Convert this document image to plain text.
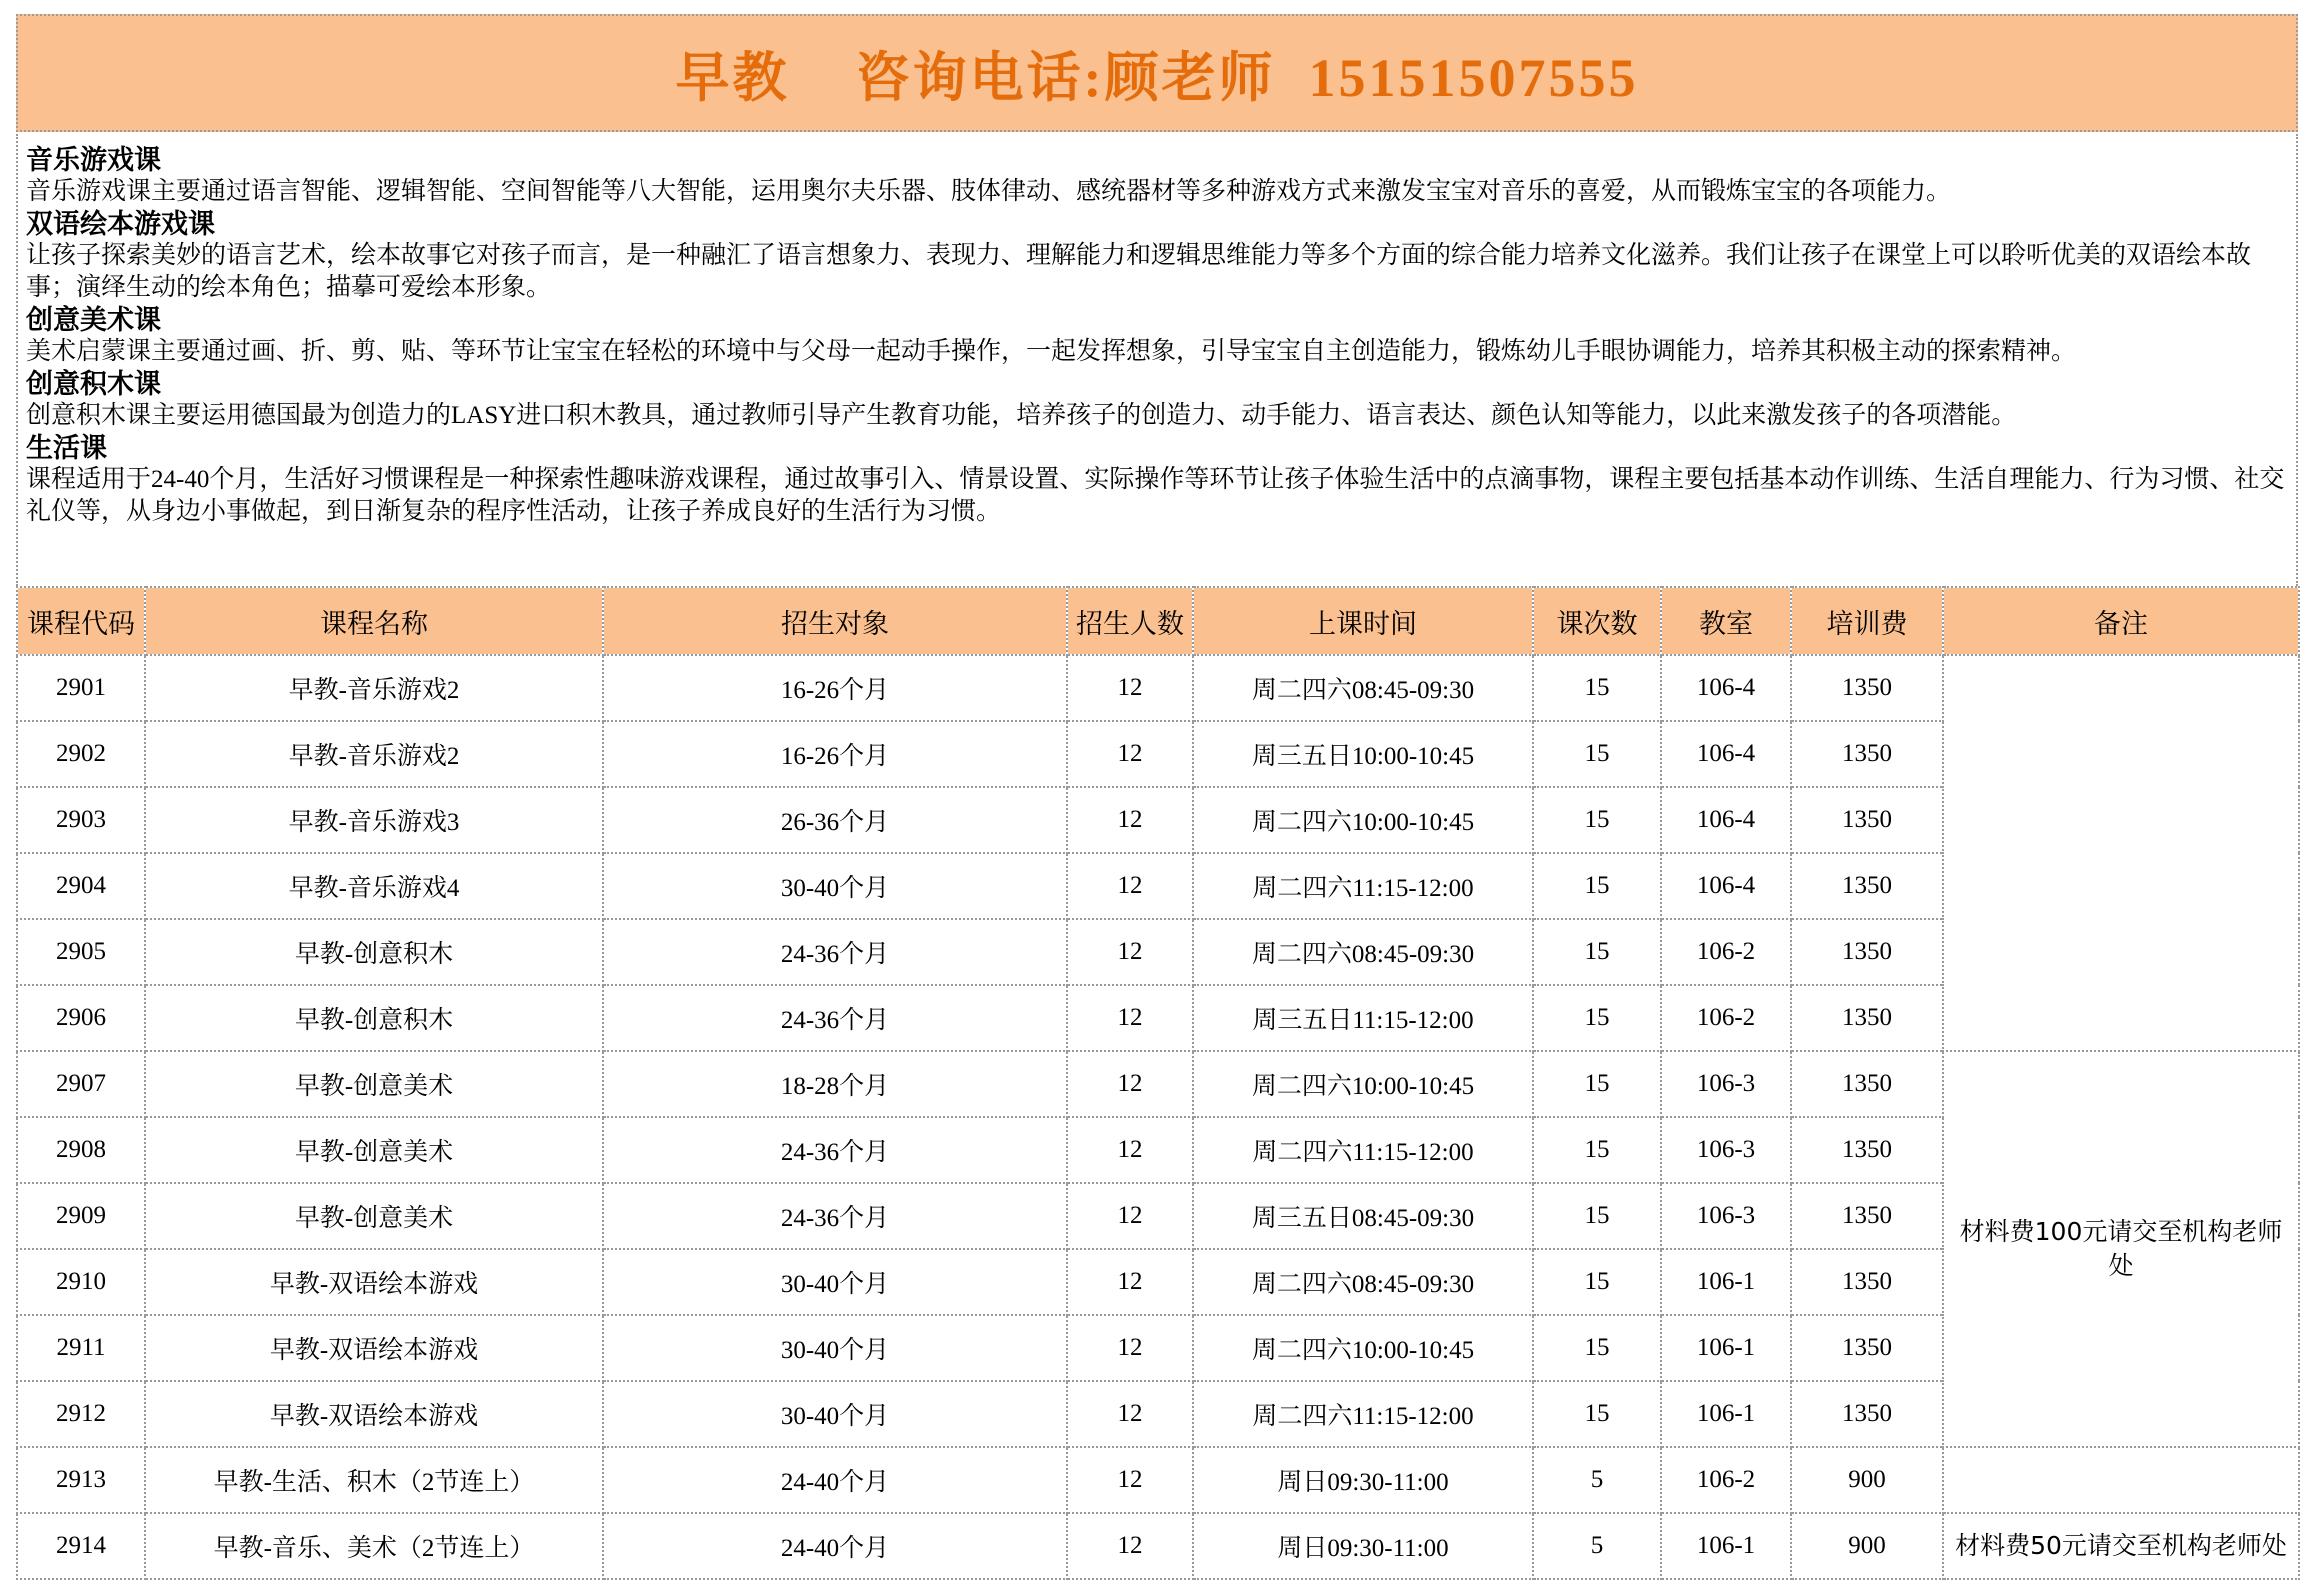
早教    咨询电话:顾老师  15151507555
音乐游戏课
音乐游戏课主要通过语言智能、逻辑智能、空间智能等八大智能，运用奥尔夫乐器、肢体律动、感统器材等多种游戏方式来激发宝宝对音乐的喜爱，从而锻炼宝宝的各项能力。
双语绘本游戏课
让孩子探索美妙的语言艺术，绘本故事它对孩子而言，是一种融汇了语言想象力、表现力、理解能力和逻辑思维能力等多个方面的综合能力培养文化滋养。我们让孩子在课堂上可以聆听优美的双语绘本故事；演绎生动的绘本角色；描摹可爱绘本形象。
创意美术课
美术启蒙课主要通过画、折、剪、贴、等环节让宝宝在轻松的环境中与父母一起动手操作，一起发挥想象，引导宝宝自主创造能力，锻炼幼儿手眼协调能力，培养其积极主动的探索精神。
创意积木课
创意积木课主要运用德国最为创造力的LASY进口积木教具，通过教师引导产生教育功能，培养孩子的创造力、动手能力、语言表达、颜色认知等能力，以此来激发孩子的各项潜能。
生活课
课程适用于24-40个月，生活好习惯课程是一种探索性趣味游戏课程，通过故事引入、情景设置、实际操作等环节让孩子体验生活中的点滴事物，课程主要包括基本动作训练、生活自理能力、行为习惯、社交礼仪等，从身边小事做起，到日渐复杂的程序性活动，让孩子养成良好的生活行为习惯。
课程代码	课程名称	招生对象	招生人数	上课时间	课次数	教室	培训费	备注
2901	早教-音乐游戏2	16-26个月	12	周二四六08:45-09:30	15	106-4	1350	
2902	早教-音乐游戏2	16-26个月	12	周三五日10:00-10:45	15	106-4	1350	
2903	早教-音乐游戏3	26-36个月	12	周二四六10:00-10:45	15	106-4	1350	
2904	早教-音乐游戏4	30-40个月	12	周二四六11:15-12:00	15	106-4	1350	
2905	早教-创意积木	24-36个月	12	周二四六08:45-09:30	15	106-2	1350	
2906	早教-创意积木	24-36个月	12	周三五日11:15-12:00	15	106-2	1350	
2907	早教-创意美术	18-28个月	12	周二四六10:00-10:45	15	106-3	1350	材料费100元请交至机构老师处
2908	早教-创意美术	24-36个月	12	周二四六11:15-12:00	15	106-3	1350	
2909	早教-创意美术	24-36个月	12	周三五日08:45-09:30	15	106-3	1350	
2910	早教-双语绘本游戏	30-40个月	12	周二四六08:45-09:30	15	106-1	1350	
2911	早教-双语绘本游戏	30-40个月	12	周二四六10:00-10:45	15	106-1	1350	
2912	早教-双语绘本游戏	30-40个月	12	周二四六11:15-12:00	15	106-1	1350	
2913	早教-生活、积木（2节连上）	24-40个月	12	周日09:30-11:00	5	106-2	900	
2914	早教-音乐、美术（2节连上）	24-40个月	12	周日09:30-11:00	5	106-1	900	材料费50元请交至机构老师处
